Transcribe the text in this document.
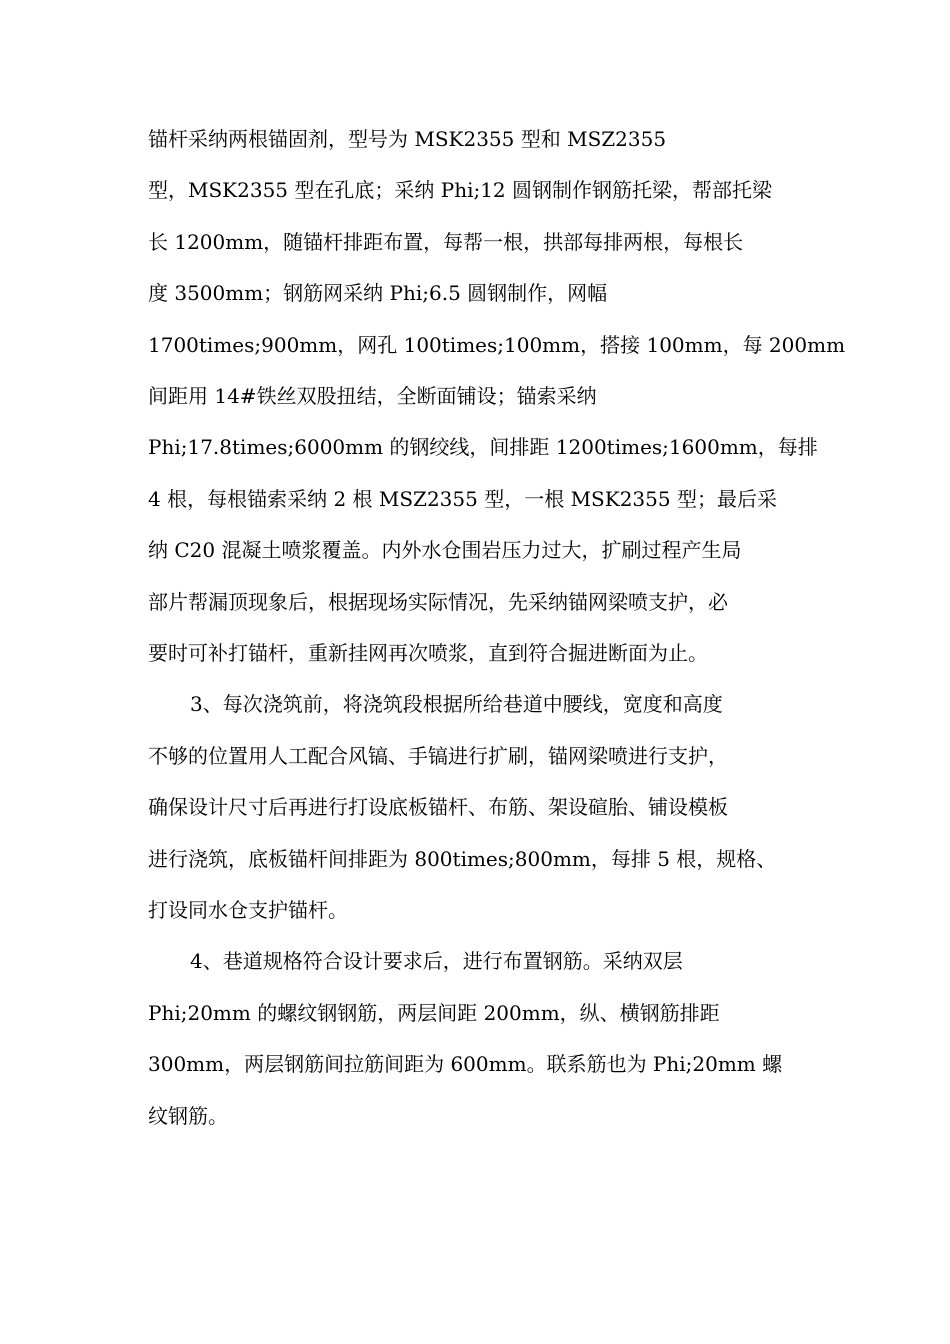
锚杆采纳两根锚固剂，型号为 MSK2355 型和 MSZ2355
型，MSK2355 型在孔底；采纳 Phi;12 圆钢制作钢筋托梁，帮部托梁
长 1200mm，随锚杆排距布置，每帮一根，拱部每排两根，每根长
度 3500mm；钢筋网采纳 Phi;6.5 圆钢制作，网幅
1700times;900mm，网孔 100times;100mm，搭接 100mm，每 200mm
间距用 14#铁丝双股扭结，全断面铺设；锚索采纳
Phi;17.8times;6000mm 的钢绞线，间排距 1200times;1600mm，每排
4 根，每根锚索采纳 2 根 MSZ2355 型，一根 MSK2355 型；最后采
纳 C20 混凝土喷浆覆盖。内外水仓围岩压力过大，扩刷过程产生局
部片帮漏顶现象后，根据现场实际情况，先采纳锚网梁喷支护，必
要时可补打锚杆，重新挂网再次喷浆，直到符合掘进断面为止。
3、每次浇筑前，将浇筑段根据所给巷道中腰线，宽度和高度
不够的位置用人工配合风镐、手镐进行扩刷，锚网梁喷进行支护，
确保设计尺寸后再进行打设底板锚杆、布筋、架设碹胎、铺设模板
进行浇筑，底板锚杆间排距为 800times;800mm，每排 5 根，规格、
打设同水仓支护锚杆。
4、巷道规格符合设计要求后，进行布置钢筋。采纳双层
Phi;20mm 的螺纹钢钢筋，两层间距 200mm，纵、横钢筋排距
300mm，两层钢筋间拉筋间距为 600mm。联系筋也为 Phi;20mm 螺
纹钢筋。
